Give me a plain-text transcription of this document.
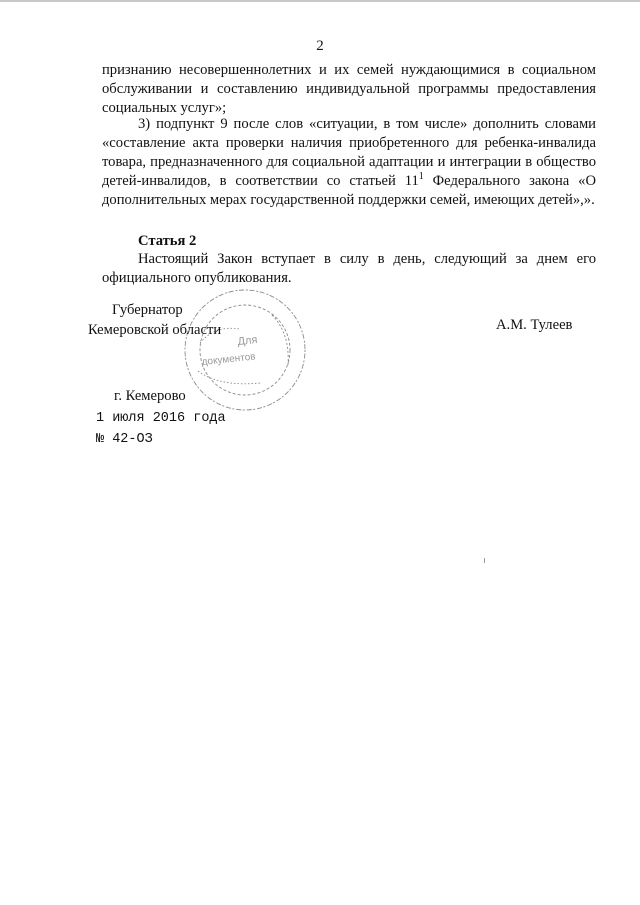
2

признанию несовершеннолетних и их семей нуждающимися в социальном обслуживании и составлению индивидуальной программы предоставления социальных услуг»;

3) подпункт 9 после слов «ситуации, в том числе» дополнить словами «составление акта проверки наличия приобретенного для ребенка-инвалида товара, предназначенного для социальной адаптации и интеграции в общество детей-инвалидов, в соответствии со статьей $11^1$ Федерального закона «О дополнительных мерах государственной поддержки семей, имеющих детей»,».

Статья 2

Настоящий Закон вступает в силу в день, следующий за днем его официального опубликования.

Для
документов
Губернатор
Кемеровской области	А.М. Тулеев
г. Кемерово
1 июля 2016 года
№ 42-ОЗ
